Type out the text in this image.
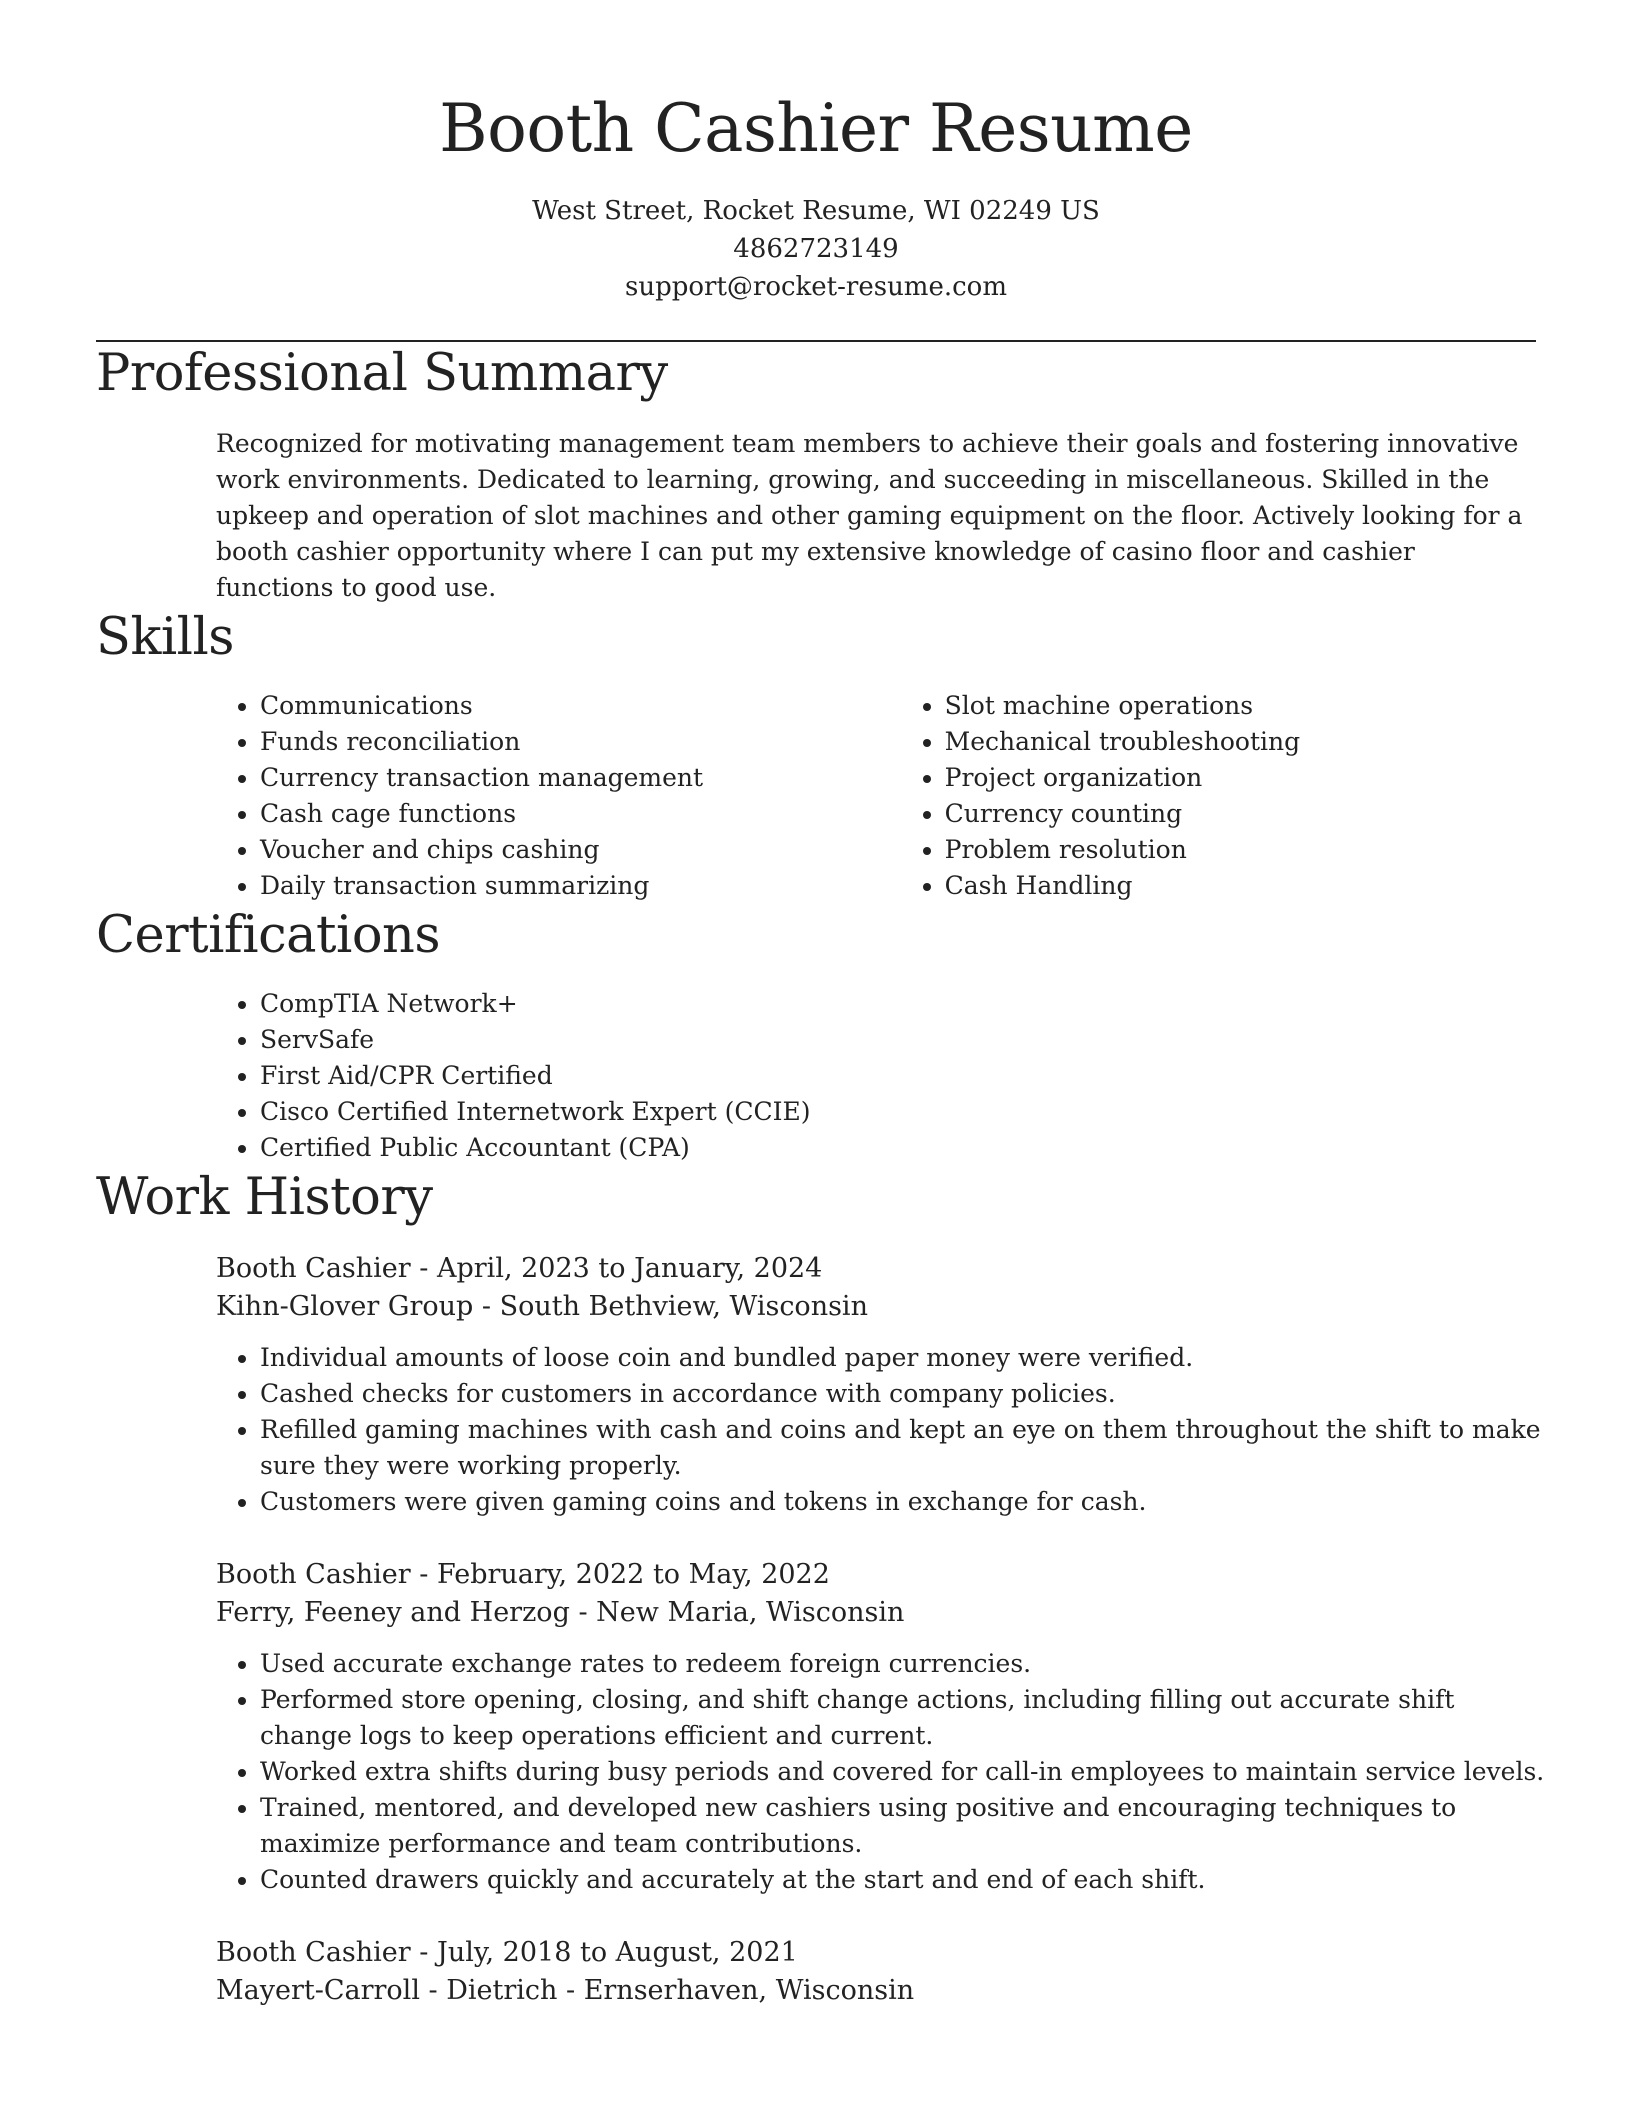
Booth Cashier Resume
West Street, Rocket Resume, WI 02249 US
4862723149
support@rocket-resume.com
Professional Summary

Recognized for motivating management team members to achieve their goals and fostering innovative work environments. Dedicated to learning, growing, and succeeding in miscellaneous. Skilled in the upkeep and operation of slot machines and other gaming equipment on the floor. Actively looking for a booth cashier opportunity where I can put my extensive knowledge of casino floor and cashier functions to good use.

Skills
• Communications
• Funds reconciliation
• Currency transaction management
• Cash cage functions
• Voucher and chips cashing
• Daily transaction summarizing
• Slot machine operations
• Mechanical troubleshooting
• Project organization
• Currency counting
• Problem resolution
• Cash Handling
Certifications
• CompTIA Network+
• ServSafe
• First Aid/CPR Certified
• Cisco Certified Internetwork Expert (CCIE)
• Certified Public Accountant (CPA)
Work History
Booth Cashier - April, 2023 to January, 2024
Kihn-Glover Group - South Bethview, Wisconsin
• Individual amounts of loose coin and bundled paper money were verified.
• Cashed checks for customers in accordance with company policies.
• Refilled gaming machines with cash and coins and kept an eye on them throughout the shift to make sure they were working properly.
• Customers were given gaming coins and tokens in exchange for cash.
Booth Cashier - February, 2022 to May, 2022
Ferry, Feeney and Herzog - New Maria, Wisconsin
• Used accurate exchange rates to redeem foreign currencies.
• Performed store opening, closing, and shift change actions, including filling out accurate shift change logs to keep operations efficient and current.
• Worked extra shifts during busy periods and covered for call-in employees to maintain service levels.
• Trained, mentored, and developed new cashiers using positive and encouraging techniques to maximize performance and team contributions.
• Counted drawers quickly and accurately at the start and end of each shift.
Booth Cashier - July, 2018 to August, 2021
Mayert-Carroll - Dietrich - Ernserhaven, Wisconsin
